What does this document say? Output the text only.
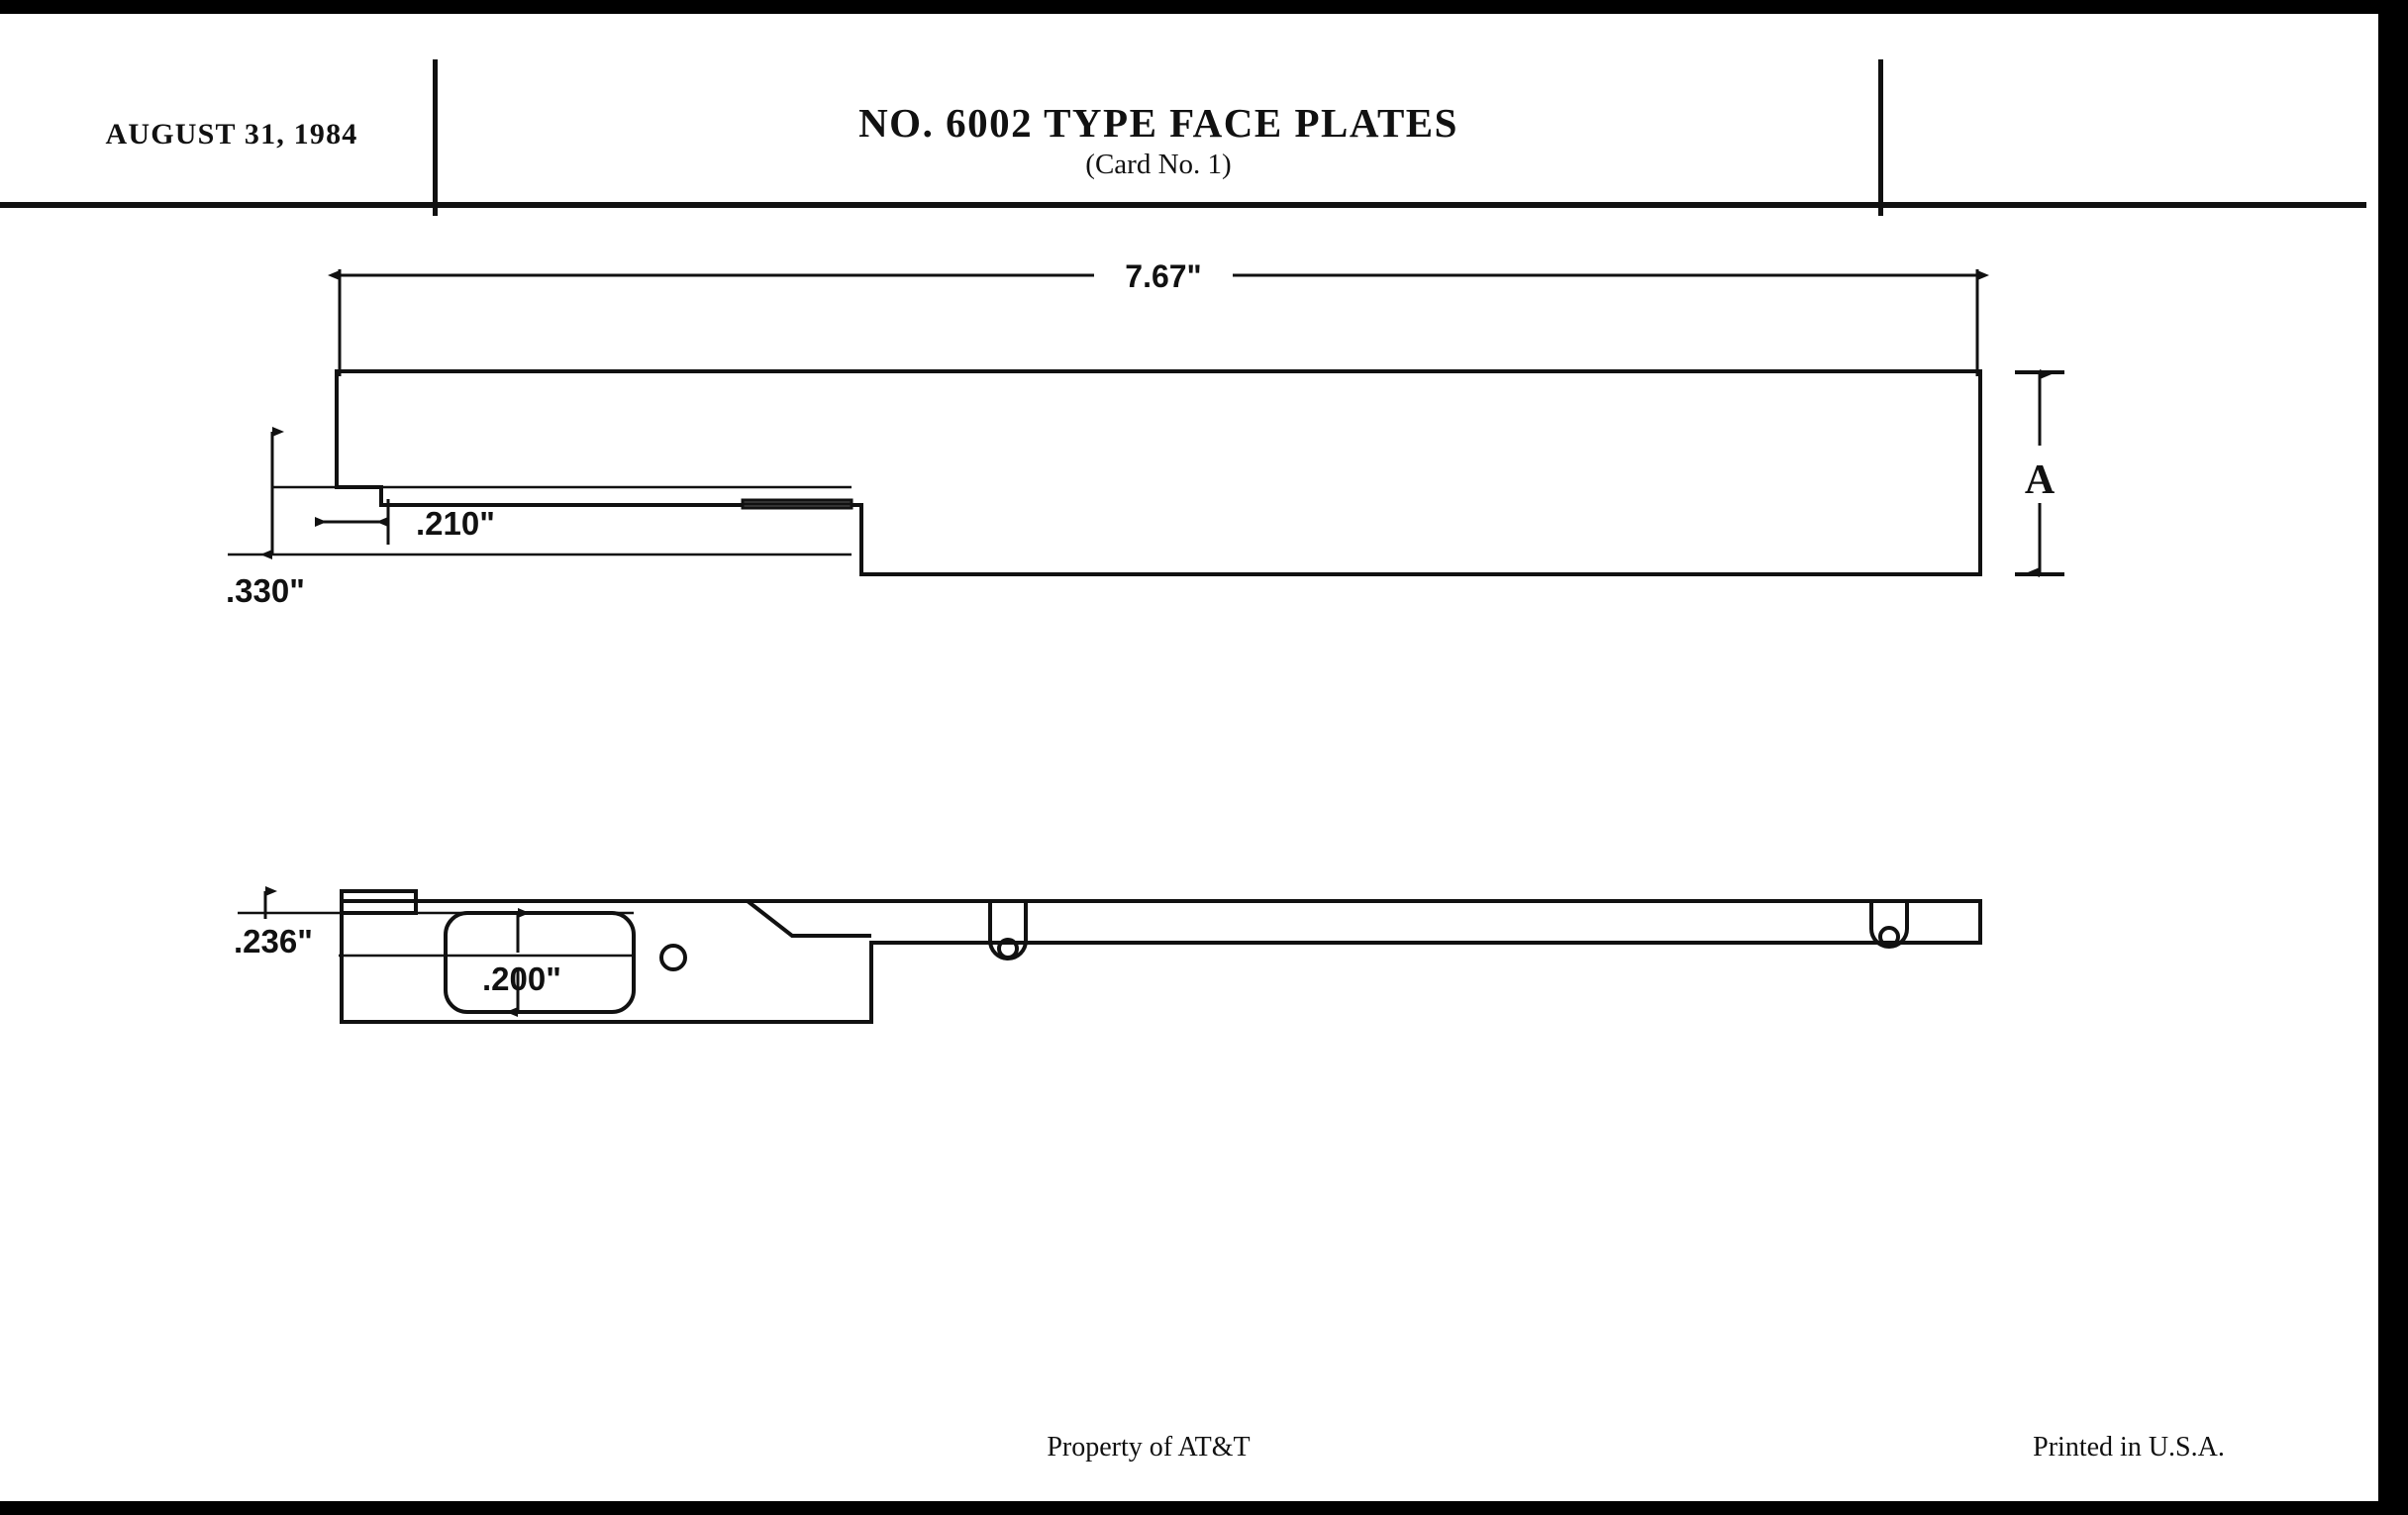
AUGUST 31, 1984	NO. 6002 TYPE FACE PLATES
(Card No. 1)
7.67"
A
.330"
.210"
.236"
.200"
Property of AT&T	Printed in U.S.A.
